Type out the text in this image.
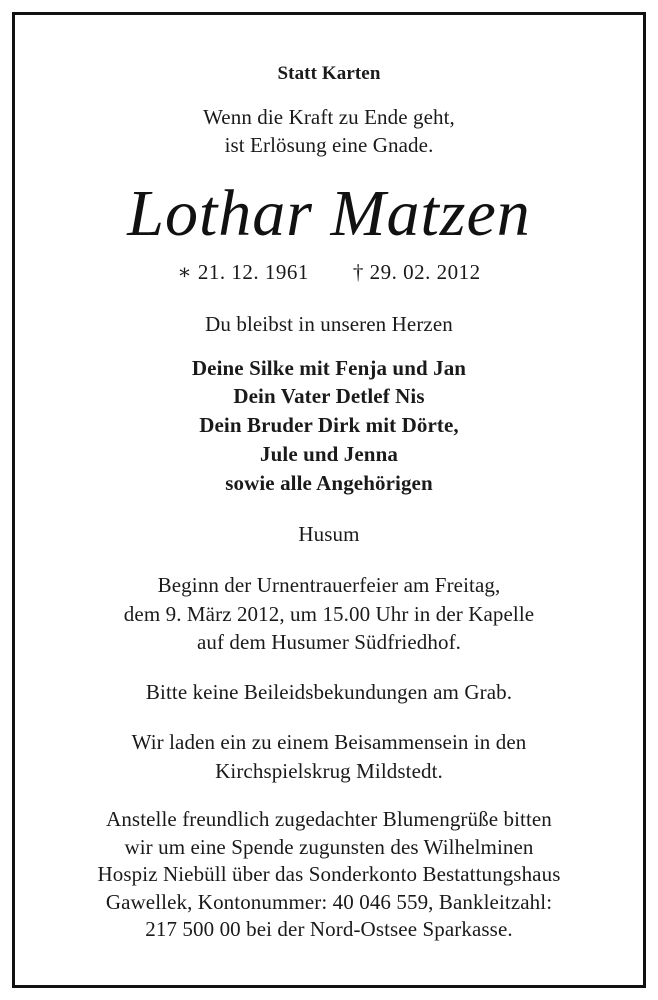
Statt Karten
Wenn die Kraft zu Ende geht,
ist Erlösung eine Gnade.
Lothar Matzen
∗ 21. 12. 1961 † 29. 02. 2012
Du bleibst in unseren Herzen
Deine Silke mit Fenja und Jan
Dein Vater Detlef Nis
Dein Bruder Dirk mit Dörte,
Jule und Jenna
sowie alle Angehörigen
Husum
Beginn der Urnentrauerfeier am Freitag,
dem 9. März 2012, um 15.00 Uhr in der Kapelle
auf dem Husumer Südfriedhof.
Bitte keine Beileidsbekundungen am Grab.
Wir laden ein zu einem Beisammensein in den
Kirchspielskrug Mildstedt.
Anstelle freundlich zugedachter Blumengrüße bitten
wir um eine Spende zugunsten des Wilhelminen
Hospiz Niebüll über das Sonderkonto Bestattungshaus
Gawellek, Kontonummer: 40 046 559, Bankleitzahl:
217 500 00 bei der Nord-Ostsee Sparkasse.
